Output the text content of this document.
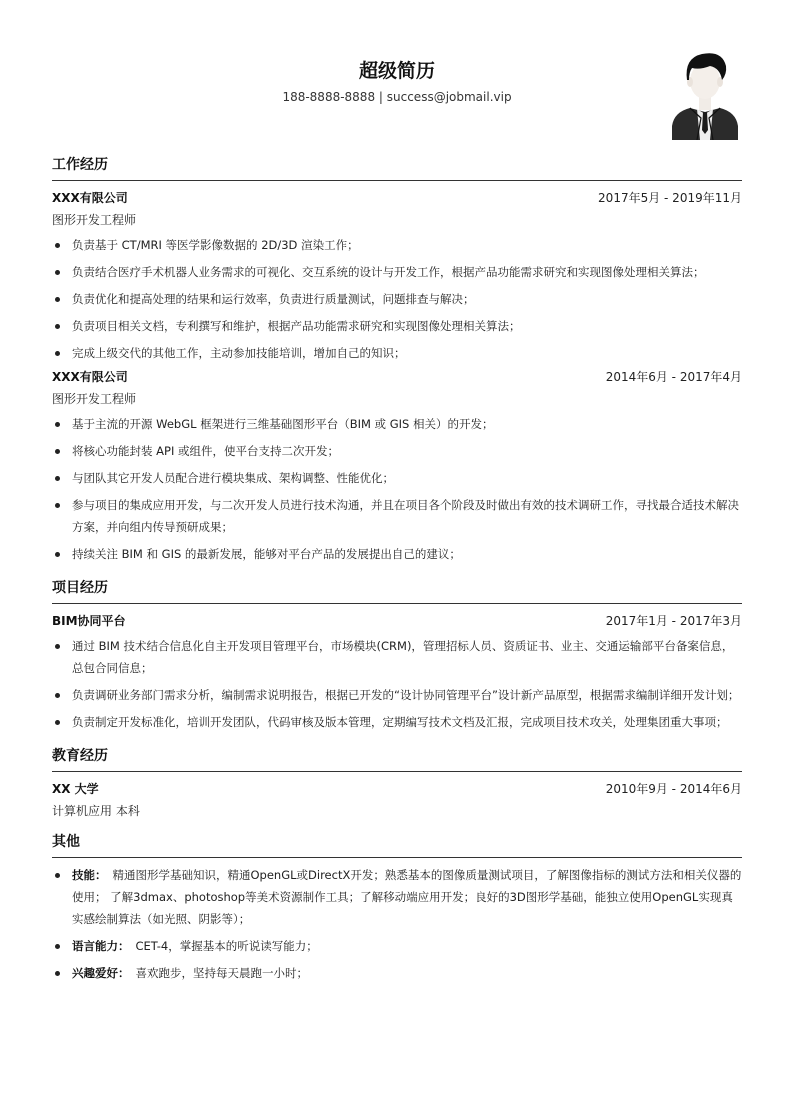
超级简历
188-8888-8888 | success@jobmail.vip
工作经历
XXX有限公司	2017年5月 - 2019年11月
图形开发工程师
负责基于 CT/MRI 等医学影像数据的 2D/3D 渲染工作；
负责结合医疗手术机器人业务需求的可视化、交互系统的设计与开发工作，根据产品功能需求研究和实现图像处理相关算法；
负责优化和提高处理的结果和运行效率，负责进行质量测试，问题排查与解决；
负责项目相关文档，专利撰写和维护，根据产品功能需求研究和实现图像处理相关算法；
完成上级交代的其他工作，主动参加技能培训，增加自己的知识；
XXX有限公司	2014年6月 - 2017年4月
图形开发工程师
基于主流的开源 WebGL 框架进行三维基础图形平台（BIM 或 GIS 相关）的开发；
将核心功能封装 API 或组件，使平台支持二次开发；
与团队其它开发人员配合进行模块集成、架构调整、性能优化；
参与项目的集成应用开发，与二次开发人员进行技术沟通，并且在项目各个阶段及时做出有效的技术调研工作，寻找最合适技术解决方案，并向组内传导预研成果；
持续关注 BIM 和 GIS 的最新发展，能够对平台产品的发展提出自己的建议；
项目经历
BIM协同平台	2017年1月 - 2017年3月
通过 BIM 技术结合信息化自主开发项目管理平台，市场模块(CRM)，管理招标人员、资质证书、业主、交通运输部平台备案信息，总包合同信息；
负责调研业务部门需求分析，编制需求说明报告，根据已开发的“设计协同管理平台”设计新产品原型，根据需求编制详细开发计划；
负责制定开发标准化，培训开发团队，代码审核及版本管理，定期编写技术文档及汇报，完成项目技术攻关，处理集团重大事项；
教育经历
XX 大学	2010年9月 - 2014年6月
计算机应用 本科
其他
技能： 精通图形学基础知识，精通OpenGL或DirectX开发；熟悉基本的图像质量测试项目，了解图像指标的测试方法和相关仪器的使用； 了解3dmax、photoshop等美术资源制作工具；了解移动端应用开发；良好的3D图形学基础，能独立使用OpenGL实现真实感绘制算法（如光照、阴影等）；
语言能力： CET-4，掌握基本的听说读写能力；
兴趣爱好： 喜欢跑步，坚持每天晨跑一小时；
